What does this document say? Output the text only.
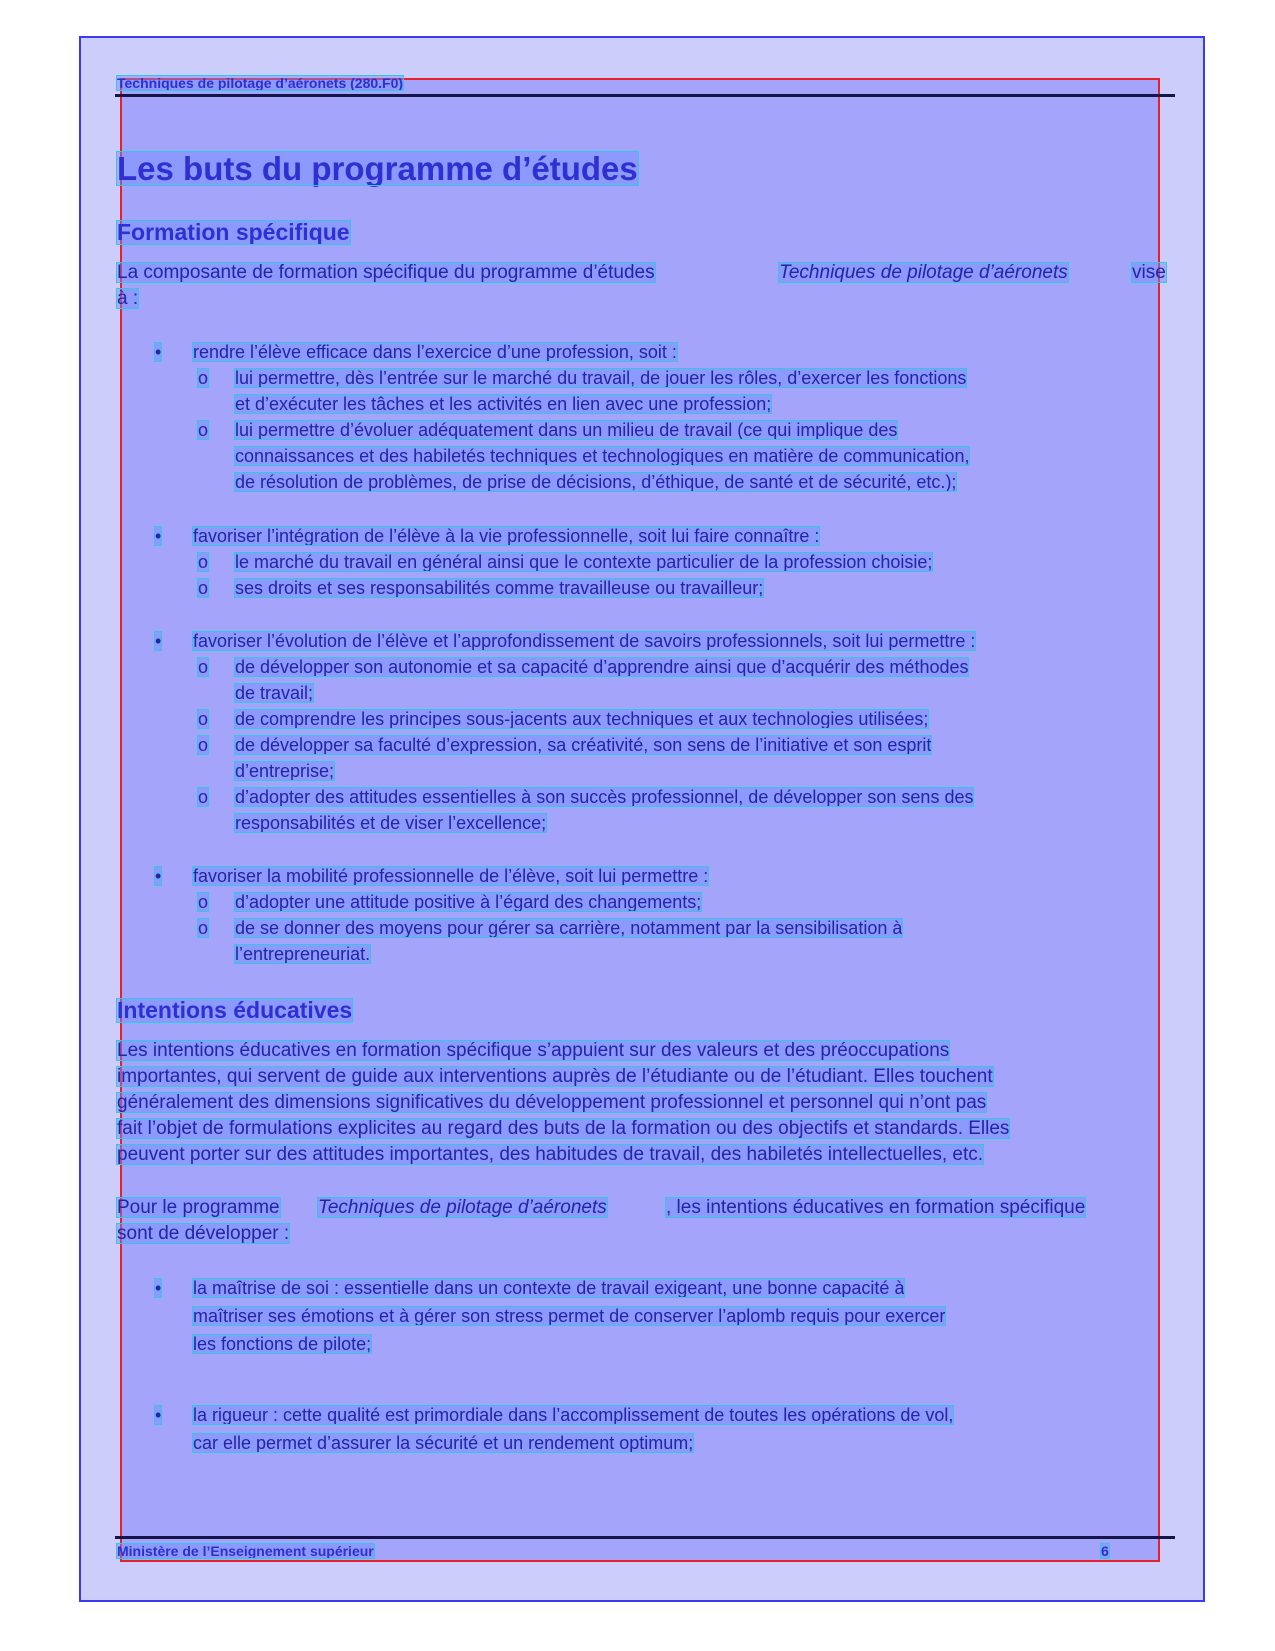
Techniques de pilotage d’aéronets (280.F0)
Les buts du programme d’études
Formation spécifique
La composante de formation spécifique du programme d’études	Techniques de pilotage d’aéronets	vise
à :
• rendre l’élève efficace dans l’exercice d’une profession, soit :
o lui permettre, dès l’entrée sur le marché du travail, de jouer les rôles, d’exercer les fonctions
et d’exécuter les tâches et les activités en lien avec une profession;
o lui permettre d’évoluer adéquatement dans un milieu de travail (ce qui implique des
connaissances et des habiletés techniques et technologiques en matière de communication,
de résolution de problèmes, de prise de décisions, d’éthique, de santé et de sécurité, etc.);
• favoriser l’intégration de l’élève à la vie professionnelle, soit lui faire connaître :
o le marché du travail en général ainsi que le contexte particulier de la profession choisie;
o ses droits et ses responsabilités comme travailleuse ou travailleur;
• favoriser l’évolution de l’élève et l’approfondissement de savoirs professionnels, soit lui permettre :
o de développer son autonomie et sa capacité d’apprendre ainsi que d’acquérir des méthodes
de travail;
o de comprendre les principes sous-jacents aux techniques et aux technologies utilisées;
o de développer sa faculté d’expression, sa créativité, son sens de l’initiative et son esprit
d’entreprise;
o d’adopter des attitudes essentielles à son succès professionnel, de développer son sens des
responsabilités et de viser l’excellence;
• favoriser la mobilité professionnelle de l’élève, soit lui permettre :
o d’adopter une attitude positive à l’égard des changements;
o de se donner des moyens pour gérer sa carrière, notamment par la sensibilisation à
l’entrepreneuriat.
Intentions éducatives
Les intentions éducatives en formation spécifique s’appuient sur des valeurs et des préoccupations
importantes, qui servent de guide aux interventions auprès de l’étudiante ou de l’étudiant. Elles touchent
généralement des dimensions significatives du développement professionnel et personnel qui n’ont pas
fait l’objet de formulations explicites au regard des buts de la formation ou des objectifs et standards. Elles
peuvent porter sur des attitudes importantes, des habitudes de travail, des habiletés intellectuelles, etc.
Pour le programme Techniques de pilotage d’aéronets	, les intentions éducatives en formation spécifique
sont de développer :
• la maîtrise de soi : essentielle dans un contexte de travail exigeant, une bonne capacité à
maîtriser ses émotions et à gérer son stress permet de conserver l’aplomb requis pour exercer
les fonctions de pilote;
• la rigueur : cette qualité est primordiale dans l’accomplissement de toutes les opérations de vol,
car elle permet d’assurer la sécurité et un rendement optimum;
Ministère de l’Enseignement supérieur	6
